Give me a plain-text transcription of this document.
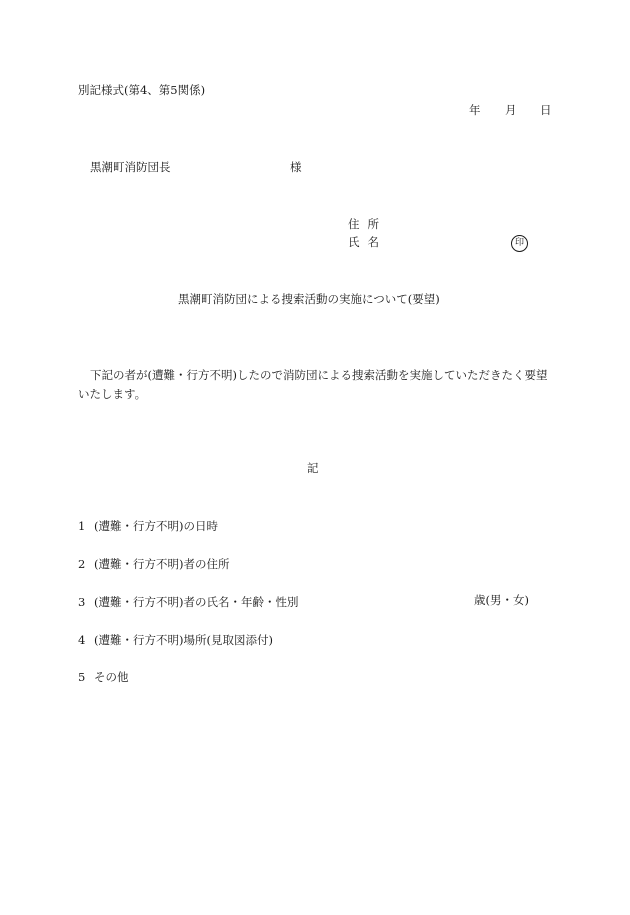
別記様式(第4、第5関係)
年 月 日
黒潮町消防団長	様
住所
氏名	印
黒潮町消防団による捜索活動の実施について(要望)
下記の者が(遭難・行方不明)したので消防団による捜索活動を実施していただきたく要望いたします。
記
1 (遭難・行方不明)の日時
2 (遭難・行方不明)者の住所
3 (遭難・行方不明)者の氏名・年齢・性別	歳(男・女)
4 (遭難・行方不明)場所(見取図添付)
5 その他
